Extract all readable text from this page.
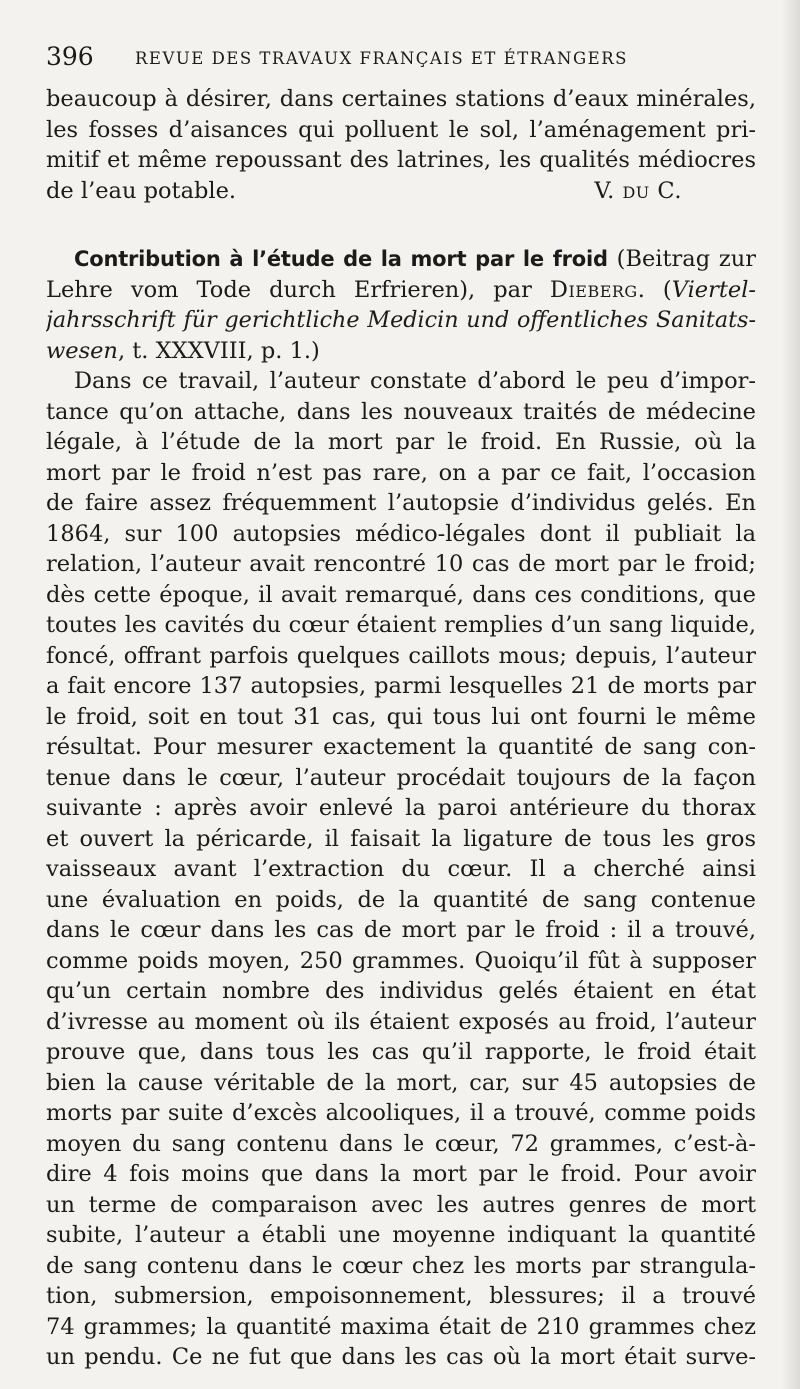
396	REVUE DES TRAVAUX FRANÇAIS ET ÉTRANGERS
beaucoup à désirer, dans certaines stations d’eaux minérales,
les fosses d’aisances qui polluent le sol, l’aménagement pri-
mitif et même repoussant des latrines, les qualités médiocres
de l’eau potable.	V. du C.
Contribution à l’étude de la mort par le froid (Beitrag zur
Lehre vom Tode durch Erfrieren), par Dieberg. (Viertel-
jahrsschrift für gerichtliche Medicin und offentliches Sanitats-
wesen, t. XXXVIII, p. 1.)
Dans ce travail, l’auteur constate d’abord le peu d’impor-
tance qu’on attache, dans les nouveaux traités de médecine
légale, à l’étude de la mort par le froid. En Russie, où la
mort par le froid n’est pas rare, on a par ce fait, l’occasion
de faire assez fréquemment l’autopsie d’individus gelés. En
1864, sur 100 autopsies médico-légales dont il publiait la
relation, l’auteur avait rencontré 10 cas de mort par le froid;
dès cette époque, il avait remarqué, dans ces conditions, que
toutes les cavités du cœur étaient remplies d’un sang liquide,
foncé, offrant parfois quelques caillots mous; depuis, l’auteur
a fait encore 137 autopsies, parmi lesquelles 21 de morts par
le froid, soit en tout 31 cas, qui tous lui ont fourni le même
résultat. Pour mesurer exactement la quantité de sang con-
tenue dans le cœur, l’auteur procédait toujours de la façon
suivante : après avoir enlevé la paroi antérieure du thorax
et ouvert la péricarde, il faisait la ligature de tous les gros
vaisseaux avant l’extraction du cœur. Il a cherché ainsi
une évaluation en poids, de la quantité de sang contenue
dans le cœur dans les cas de mort par le froid : il a trouvé,
comme poids moyen, 250 grammes. Quoiqu’il fût à supposer
qu’un certain nombre des individus gelés étaient en état
d’ivresse au moment où ils étaient exposés au froid, l’auteur
prouve que, dans tous les cas qu’il rapporte, le froid était
bien la cause véritable de la mort, car, sur 45 autopsies de
morts par suite d’excès alcooliques, il a trouvé, comme poids
moyen du sang contenu dans le cœur, 72 grammes, c’est-à-
dire 4 fois moins que dans la mort par le froid. Pour avoir
un terme de comparaison avec les autres genres de mort
subite, l’auteur a établi une moyenne indiquant la quantité
de sang contenu dans le cœur chez les morts par strangula-
tion, submersion, empoisonnement, blessures; il a trouvé
74 grammes; la quantité maxima était de 210 grammes chez
un pendu. Ce ne fut que dans les cas où la mort était surve-
